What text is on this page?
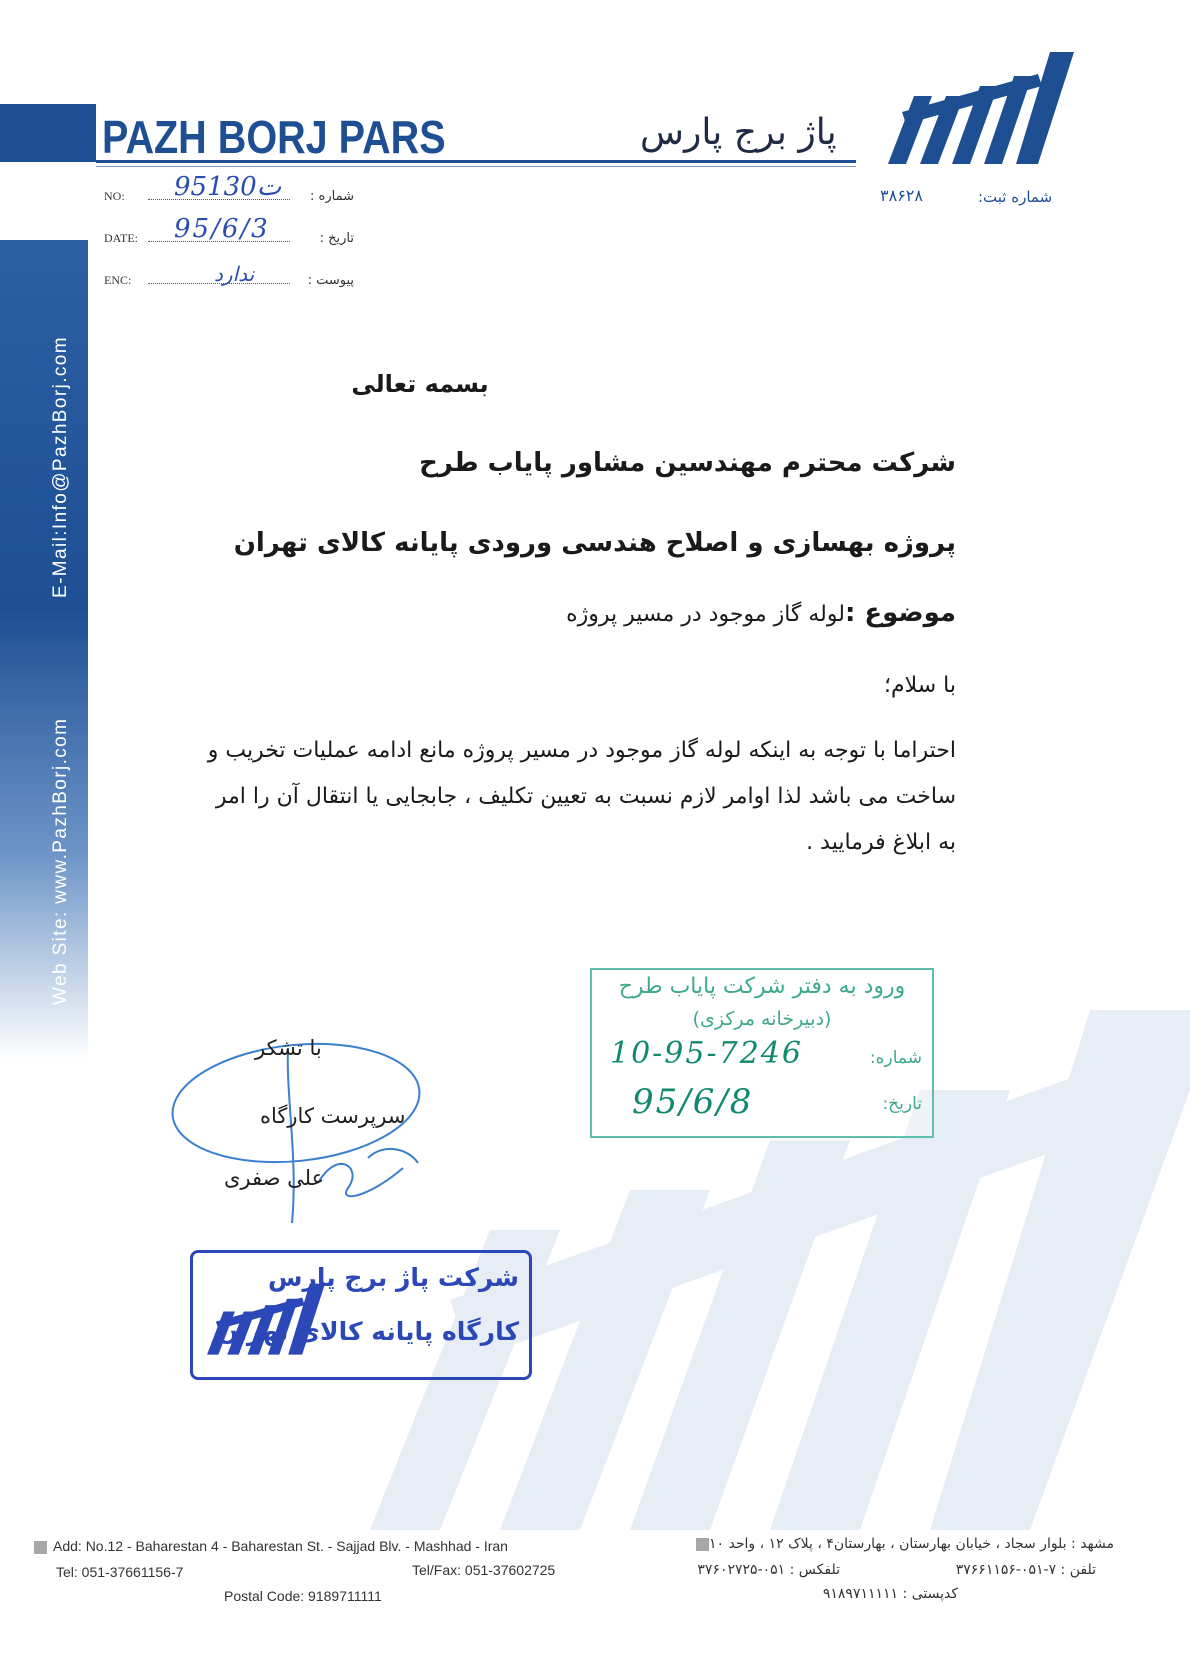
E-Mail:Info@PazhBorj.com
Web Site: www.PazhBorj.com
PAZH BORJ PARS	پاژ برج پارس
شماره ثبت:
۳۸۶۲۸
NO: 95ت130 شماره :
DATE: 95/6/3	تاریخ :
ENC:	ندارد	پیوست :
بسمه تعالی
شرکت محترم مهندسین مشاور پایاب طرح
پروژه بهسازی و اصلاح هندسی ورودی پایانه کالای تهران
موضوع :لوله گاز موجود در مسیر پروژه
با سلام؛
احتراما با توجه به اینکه لوله گاز موجود در مسیر پروژه مانع ادامه عملیات تخریب و ساخت می باشد لذا اوامر لازم نسبت به تعیین تکلیف ، جابجایی یا انتقال آن را امر به ابلاغ فرمایید .
ورود به دفتر شرکت پایاب طرح
(دبیرخانه مرکزی)
شماره:
10-95-7246
تاریخ:
95/6/8
با تشکر
سرپرست کارگاه
علی صفری
شرکت پاژ برج پارس
کارگاه پایانه کالای تهران
Add: No.12 - Baharestan 4 - Baharestan St. - Sajjad Blv. - Mashhad - Iran
Tel: 051-37661156-7	Tel/Fax: 051-37602725
Postal Code: 9189711111
مشهد : بلوار سجاد ، خیابان بهارستان ، بهارستان۴ ، پلاک ۱۲ ، واحد ۱۰
تلفن : ۷-۰۵۱-۳۷۶۶۱۱۵۶
تلفکس : ۰۵۱-۳۷۶۰۲۷۲۵
کدپستی : ۹۱۸۹۷۱۱۱۱۱
